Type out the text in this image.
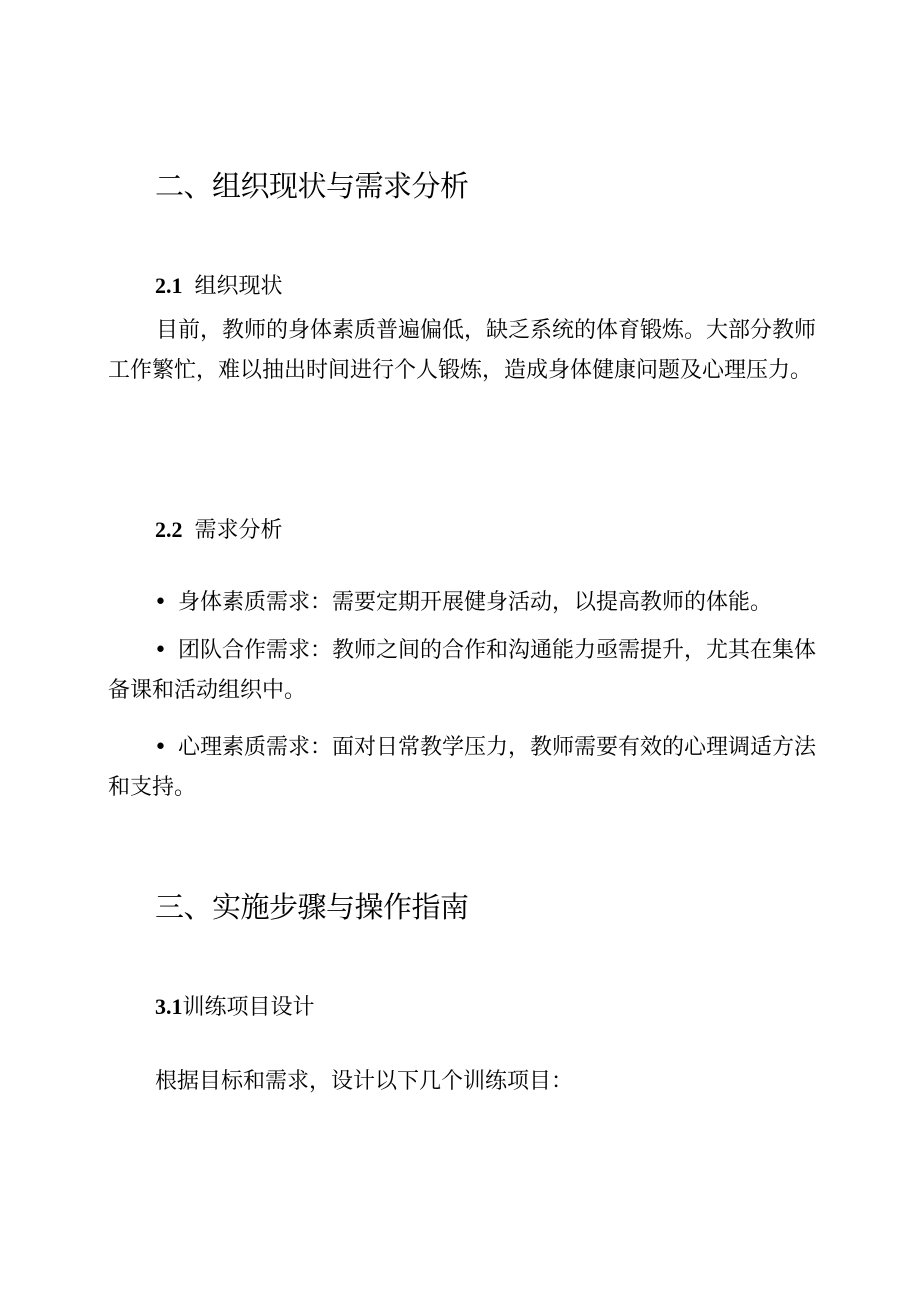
二、组织现状与需求分析
2.1 组织现状

目前，教师的身体素质普遍偏低，缺乏系统的体育锻炼。大部分教师工作繁忙，难以抽出时间进行个人锻炼，造成身体健康问题及心理压力。

2.2 需求分析

• 身体素质需求：需要定期开展健身活动，以提高教师的体能。

• 团队合作需求：教师之间的合作和沟通能力亟需提升，尤其在集体备课和活动组织中。

• 心理素质需求：面对日常教学压力，教师需要有效的心理调适方法和支持。

三、实施步骤与操作指南
3.1训练项目设计

根据目标和需求，设计以下几个训练项目：
